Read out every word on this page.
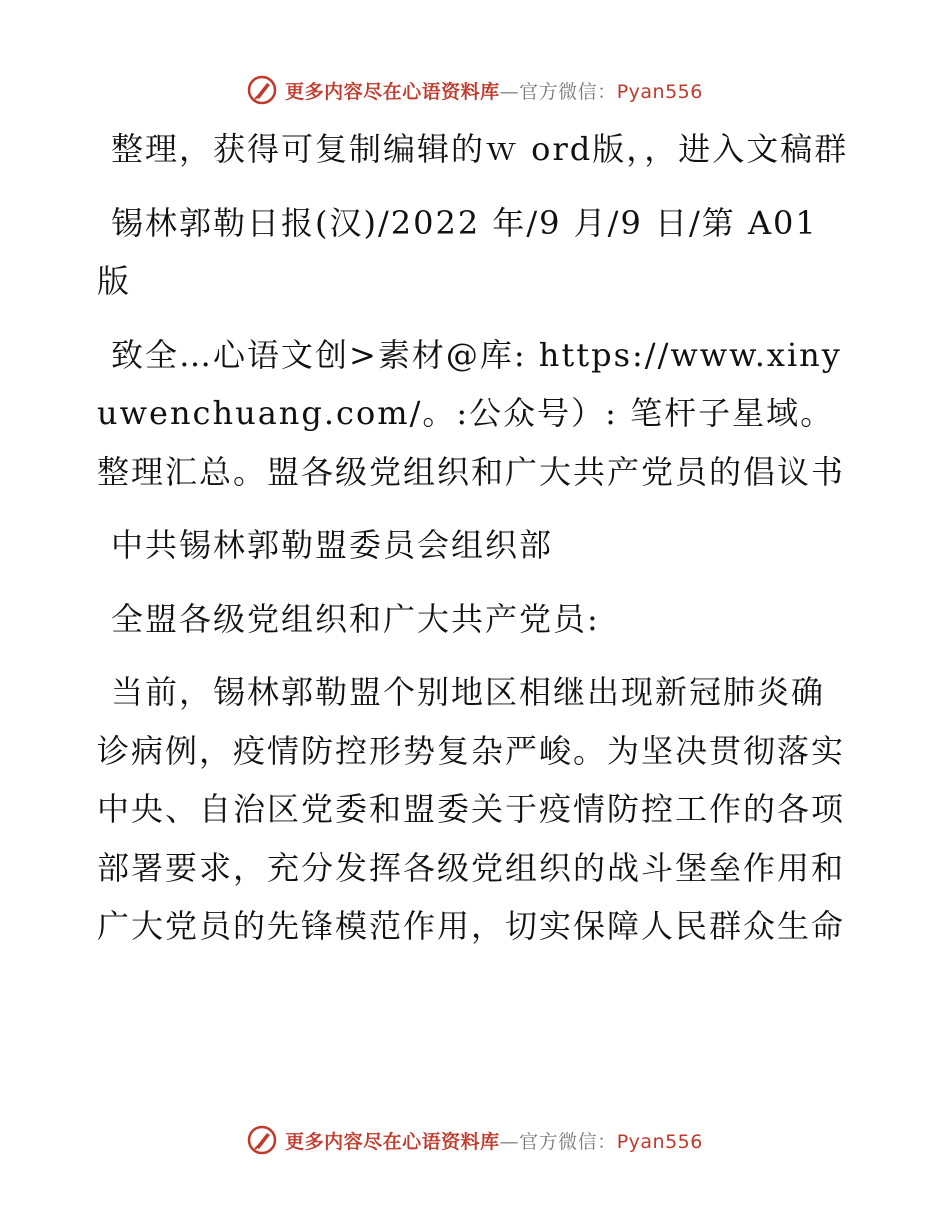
更多内容尽在心语资料库—官方微信：Pyan556

整理，获得可复制编辑的ｗ ord版，，进入文稿群

锡林郭勒日报(汉)/2022 年/9 月/9 日/第 A01 版

致全…心语文创>素材@库: https://www.xinyuwenchuang.com/。:公众号）: 笔杆子星域。整理汇总。盟各级党组织和广大共产党员的倡议书

中共锡林郭勒盟委员会组织部

全盟各级党组织和广大共产党员:

当前，锡林郭勒盟个别地区相继出现新冠肺炎确诊病例，疫情防控形势复杂严峻。为坚决贯彻落实中央、自治区党委和盟委关于疫情防控工作的各项部署要求，充分发挥各级党组织的战斗堡垒作用和广大党员的先锋模范作用，切实保障人民群众生命

更多内容尽在心语资料库—官方微信：Pyan556
